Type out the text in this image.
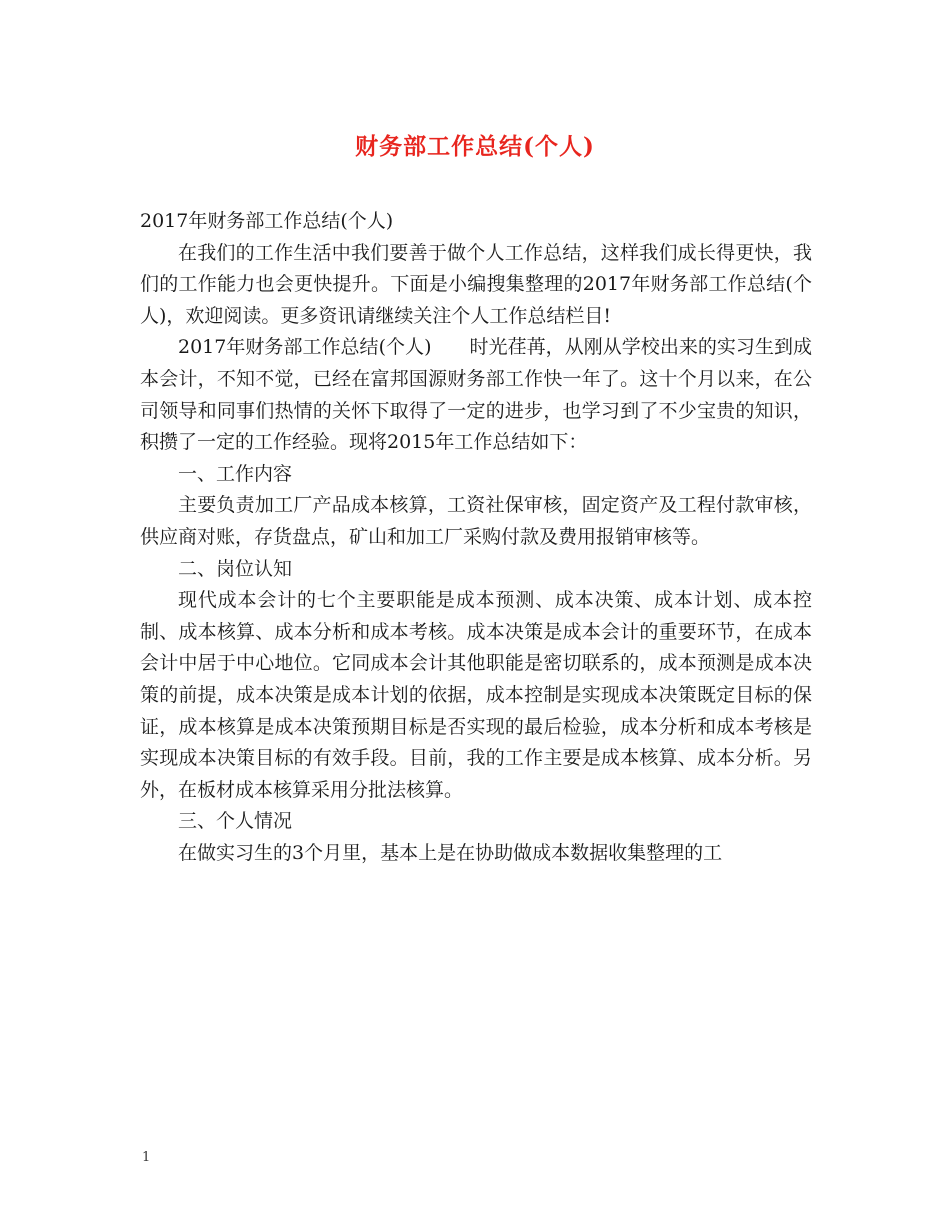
财务部工作总结(个人)

2017年财务部工作总结(个人)

在我们的工作生活中我们要善于做个人工作总结，这样我们成长得更快，我们的工作能力也会更快提升。下面是小编搜集整理的2017年财务部工作总结(个人)，欢迎阅读。更多资讯请继续关注个人工作总结栏目!

2017年财务部工作总结(个人)　　时光荏苒，从刚从学校出来的实习生到成本会计，不知不觉，已经在富邦国源财务部工作快一年了。这十个月以来，在公司领导和同事们热情的关怀下取得了一定的进步，也学习到了不少宝贵的知识，积攒了一定的工作经验。现将2015年工作总结如下：

一、工作内容

主要负责加工厂产品成本核算，工资社保审核，固定资产及工程付款审核，供应商对账，存货盘点，矿山和加工厂采购付款及费用报销审核等。

二、岗位认知

现代成本会计的七个主要职能是成本预测、成本决策、成本计划、成本控制、成本核算、成本分析和成本考核。成本决策是成本会计的重要环节，在成本会计中居于中心地位。它同成本会计其他职能是密切联系的，成本预测是成本决策的前提，成本决策是成本计划的依据，成本控制是实现成本决策既定目标的保证，成本核算是成本决策预期目标是否实现的最后检验，成本分析和成本考核是实现成本决策目标的有效手段。目前，我的工作主要是成本核算、成本分析。另外，在板材成本核算采用分批法核算。

三、个人情况

在做实习生的3个月里，基本上是在协助做成本数据收集整理的工

1
